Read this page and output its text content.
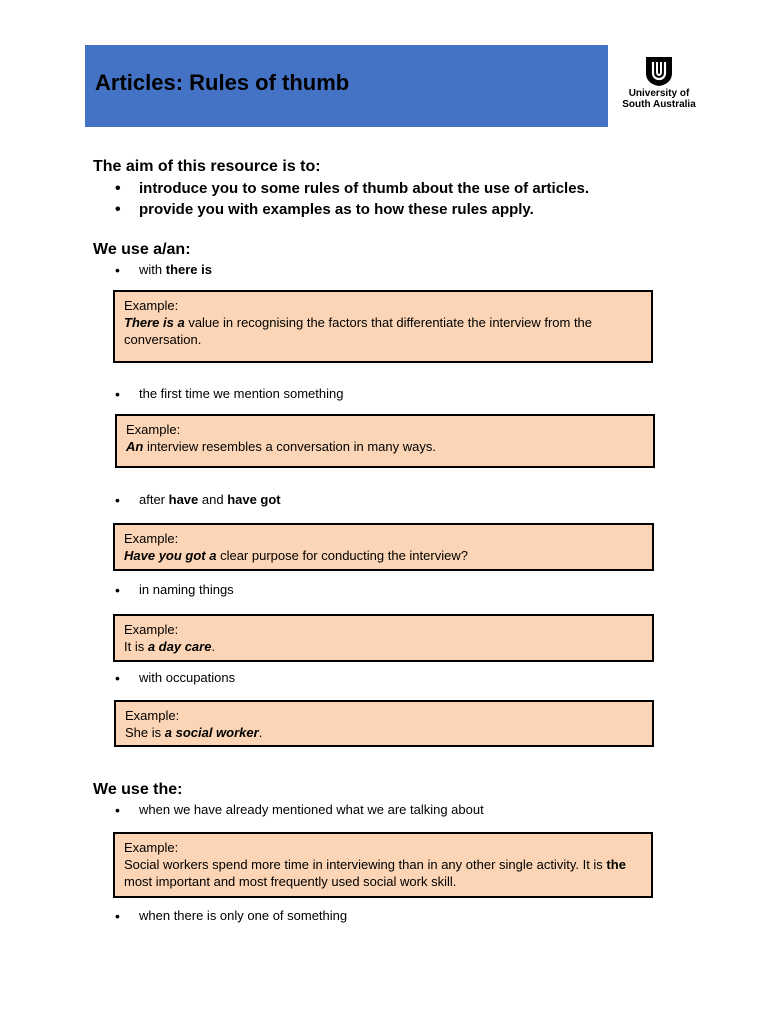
Articles: Rules of thumb	University of
South Australia

The aim of this resource is to:

• introduce you to some rules of thumb about the use of articles.
• provide you with examples as to how these rules apply.

We use a/an:

• with there is
Example:
There is a value in recognising the factors that differentiate the interview from the conversation.
• the first time we mention something
Example:
An interview resembles a conversation in many ways.
• after have and have got
Example:
Have you got a clear purpose for conducting the interview?
• in naming things
Example:
It is a day care.
• with occupations
Example:
She is a social worker.

We use the:

• when we have already mentioned what we are talking about
Example:
Social workers spend more time in interviewing than in any other single activity. It is the most important and most frequently used social work skill.
• when there is only one of something
